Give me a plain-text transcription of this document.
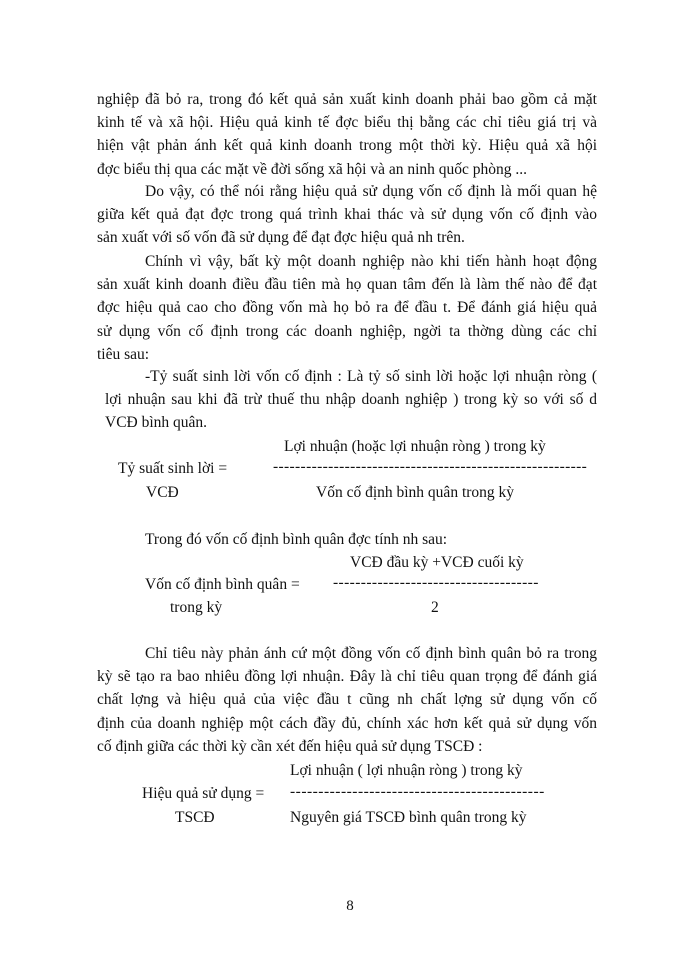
nghiệp đã bỏ ra, trong đó kết quả sản xuất kinh doanh phải bao gồm cả mặt
kinh tế và xã hội. Hiệu quả kinh tế đợc biểu thị bằng các chỉ tiêu giá trị và
hiện vật phản ánh kết quả kinh doanh trong một thời kỳ. Hiệu quả xã hội
đợc biểu thị qua các mặt về đời sống xã hội và an ninh quốc phòng ...
Do vậy, có thể nói rằng hiệu quả sử dụng vốn cố định là mối quan hệ
giữa kết quả đạt đợc trong quá trình khai thác và sử dụng vốn cố định vào
sản xuất với số vốn đã sử dụng để đạt đợc hiệu quả nh trên.
Chính vì vậy, bất kỳ một doanh nghiệp nào khi tiến hành hoạt động
sản xuất kinh doanh điều đầu tiên mà họ quan tâm đến là làm thế nào để đạt
đợc hiệu quả cao cho đồng vốn mà họ bỏ ra để đầu t. Để đánh giá hiệu quả
sử dụng vốn cố định trong các doanh nghiệp, ngời ta thờng dùng các chỉ
tiêu sau:
-Tỷ suất sinh lời vốn cố định : Là tỷ số sinh lời hoặc lợi nhuận ròng (
lợi nhuận sau khi đã trừ thuế thu nhập doanh nghiệp ) trong kỳ so với số d
VCĐ bình quân.
Lợi nhuận (hoặc lợi nhuận ròng ) trong kỳ
Tỷ suất sinh lời =	---------------------------------------------------------
VCĐ	Vốn cố định bình quân trong kỳ
Trong đó vốn cố định bình quân đợc tính nh sau:
VCĐ đầu kỳ +VCĐ cuối kỳ
Vốn cố định bình quân = -------------------------------------
trong kỳ	2
Chỉ tiêu này phản ánh cứ một đồng vốn cố định bình quân bỏ ra trong
kỳ sẽ tạo ra bao nhiêu đồng lợi nhuận. Đây là chỉ tiêu quan trọng để đánh giá
chất lợng và hiệu quả của việc đầu t cũng nh chất lợng sử dụng vốn cố
định của doanh nghiệp một cách đầy đủ, chính xác hơn kết quả sử dụng vốn
cố định giữa các thời kỳ cần xét đến hiệu quả sử dụng TSCĐ :
Lợi nhuận ( lợi nhuận ròng ) trong kỳ
Hiệu quả sử dụng = ---------------------------------------------
TSCĐ	Nguyên giá TSCĐ bình quân trong kỳ
8
